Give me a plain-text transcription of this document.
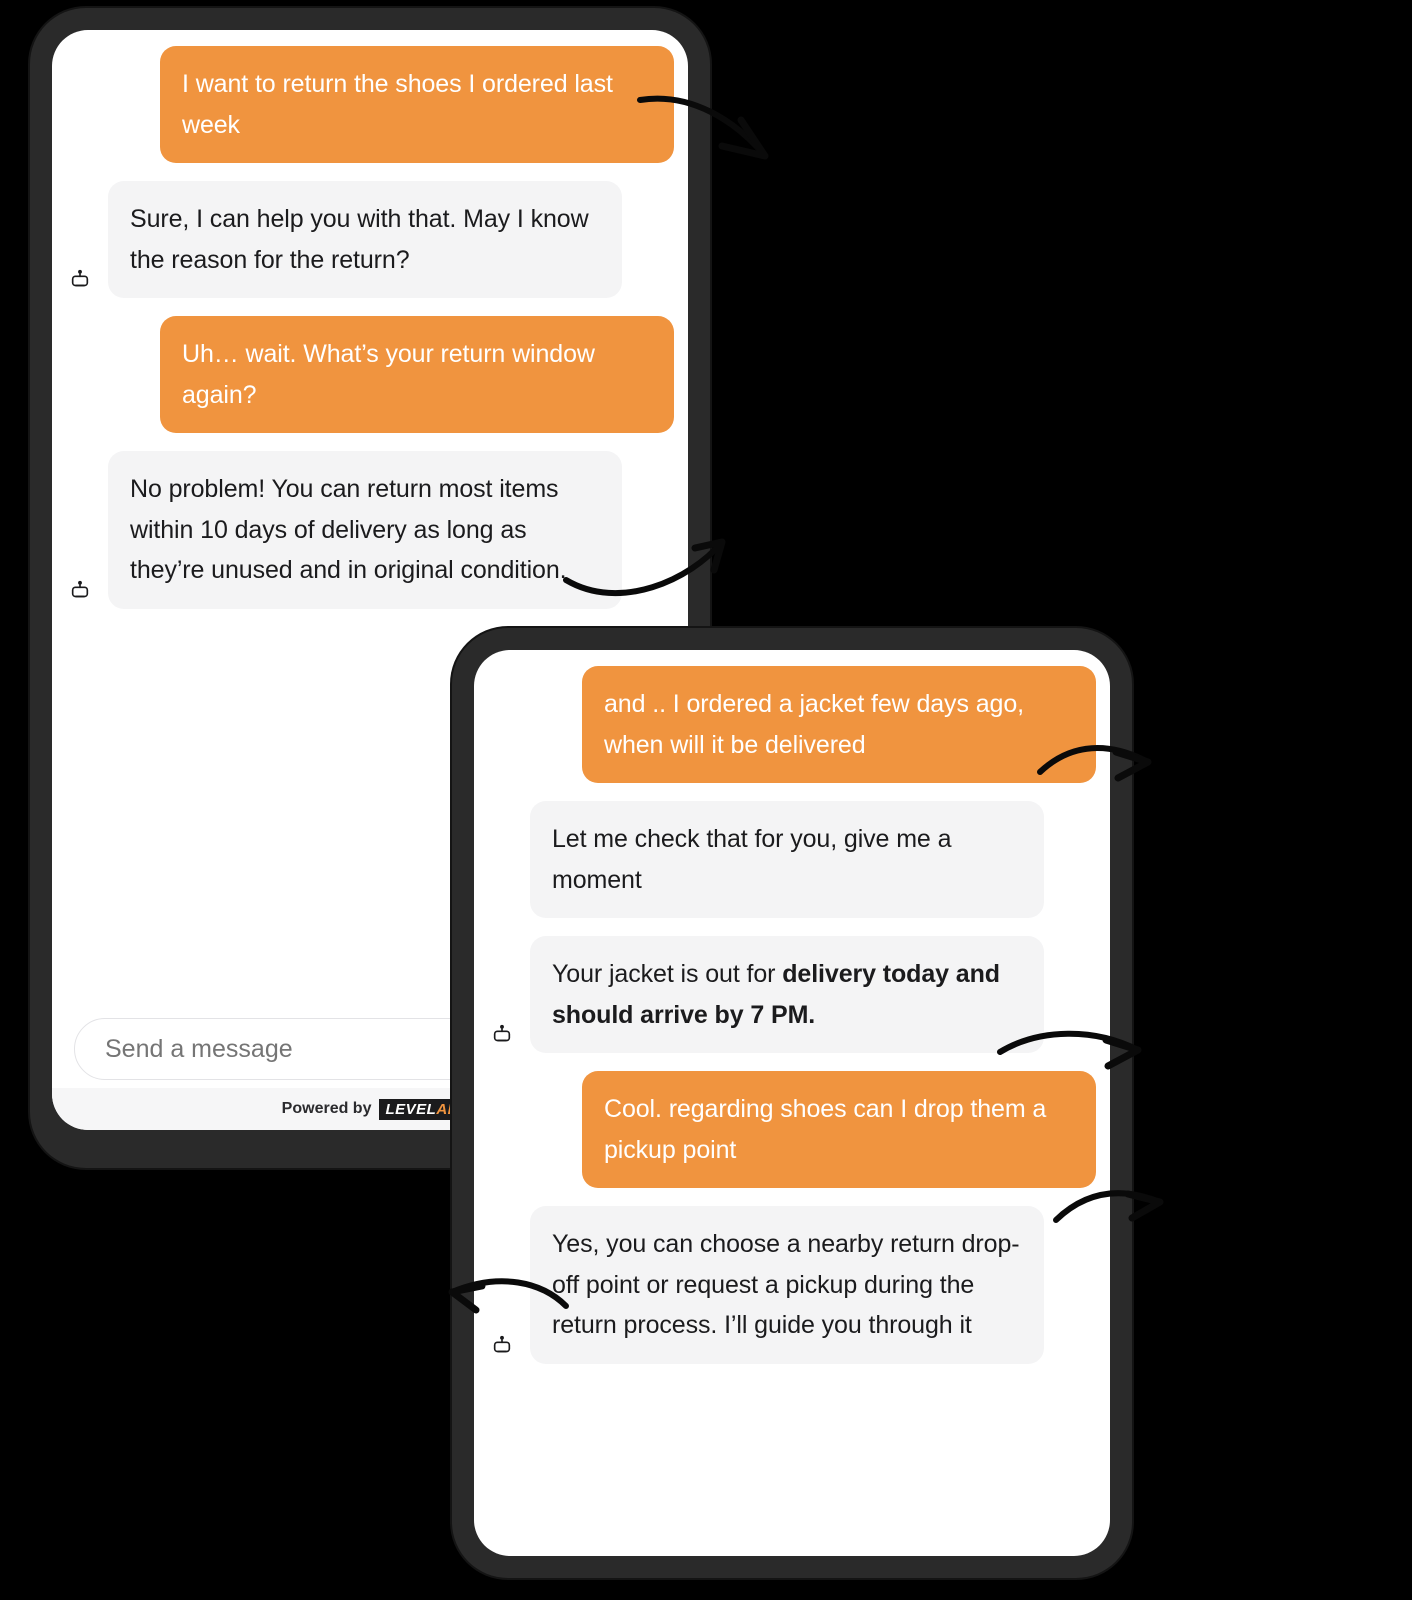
I want to return the shoes I ordered last week
Sure, I can help you with that. May I know the reason for the return?
Uh… wait. What’s your return window again?
No problem! You can return most items within 10 days of delivery as long as they’re unused and in original condition.
Send a message
Powered by LEVELAI
and .. I ordered a jacket few days ago, when will it be delivered
Let me check that for you, give me a moment
Your jacket is out for delivery today and should arrive by 7 PM.
Cool. regarding shoes can I drop them a pickup point
Yes, you can choose a nearby return drop-off point or request a pickup during the return process. I’ll guide you through it
